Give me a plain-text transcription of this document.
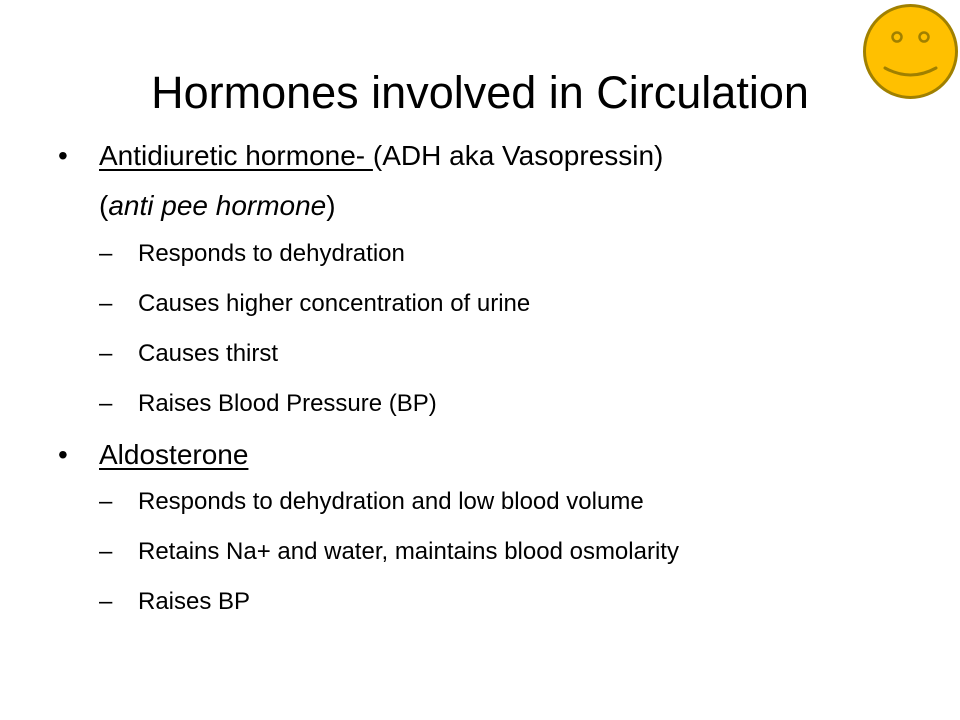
Hormones involved in Circulation

•	Antidiuretic hormone- (ADH aka Vasopressin)

(anti pee hormone)

– Responds to dehydration

– Causes higher concentration of urine

– Causes thirst

– Raises Blood Pressure (BP)

•	Aldosterone

– Responds to dehydration and low blood volume

– Retains Na+ and water, maintains blood osmolarity

– Raises BP
